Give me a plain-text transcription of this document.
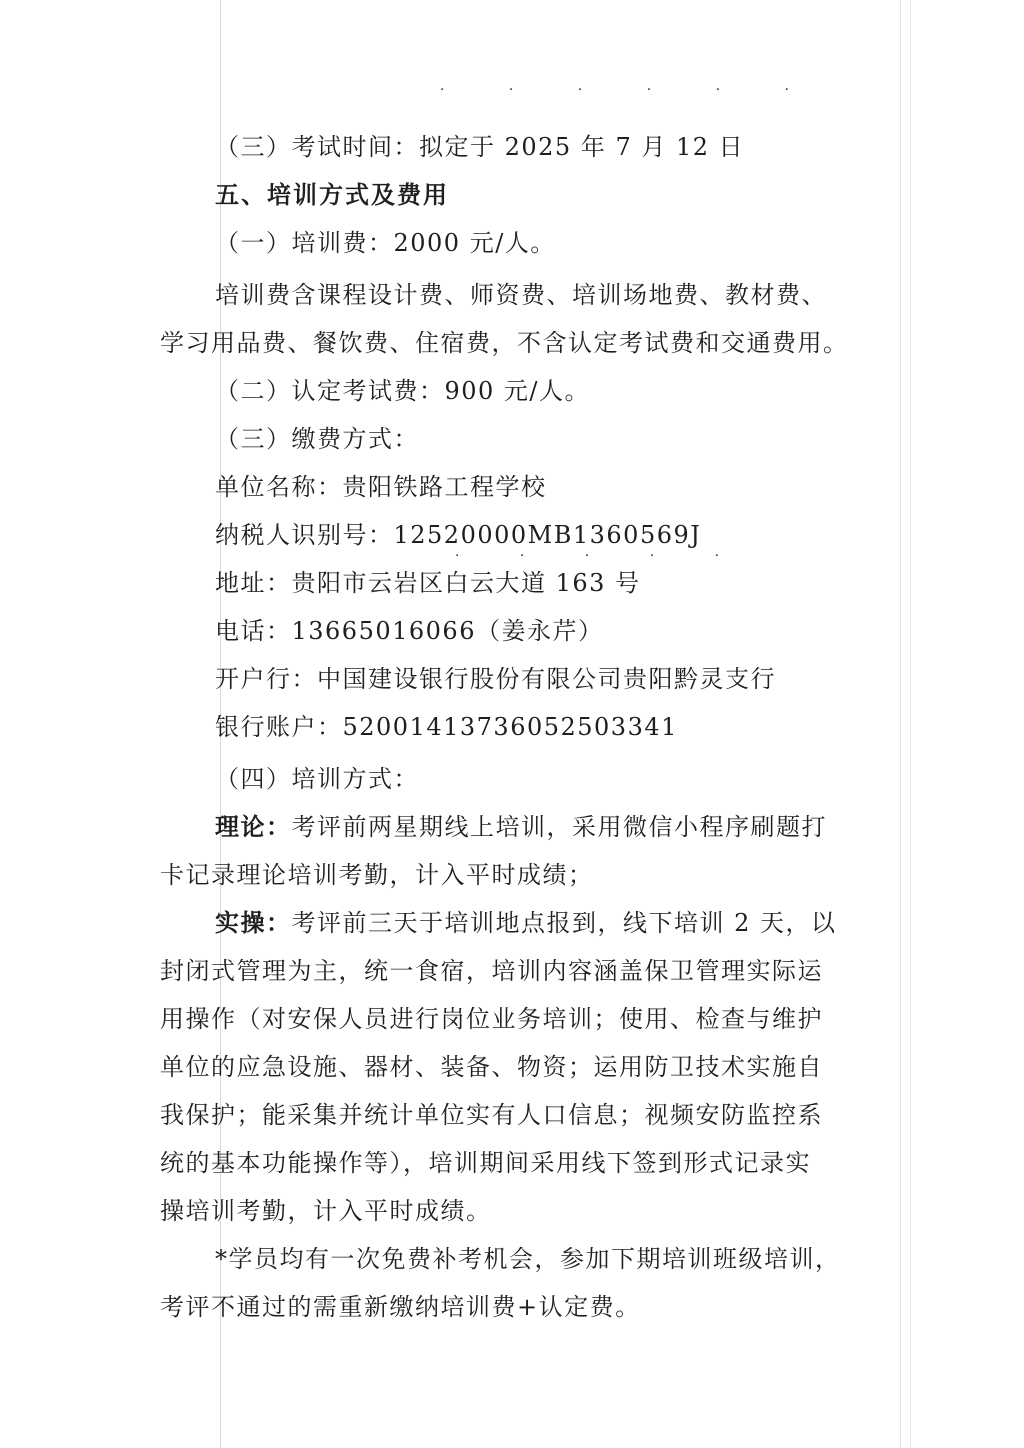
· · · · · ·
· · · · ·

（三）考试时间：拟定于 2025 年 7 月 12 日

五、培训方式及费用

（一）培训费：2000 元/人。

培训费含课程设计费、师资费、培训场地费、教材费、

学习用品费、餐饮费、住宿费，不含认定考试费和交通费用。

（二）认定考试费：900 元/人。

（三）缴费方式：

单位名称：贵阳铁路工程学校

纳税人识别号：12520000MB1360569J

地址：贵阳市云岩区白云大道 163 号

电话：13665016066（姜永芹）

开户行：中国建设银行股份有限公司贵阳黔灵支行

银行账户：52001413736052503341

（四）培训方式：

理论：考评前两星期线上培训，采用微信小程序刷题打

卡记录理论培训考勤，计入平时成绩；

实操：考评前三天于培训地点报到，线下培训 2 天，以

封闭式管理为主，统一食宿，培训内容涵盖保卫管理实际运

用操作（对安保人员进行岗位业务培训；使用、检查与维护

单位的应急设施、器材、装备、物资；运用防卫技术实施自

我保护；能采集并统计单位实有人口信息；视频安防监控系

统的基本功能操作等），培训期间采用线下签到形式记录实

操培训考勤，计入平时成绩。

*学员均有一次免费补考机会，参加下期培训班级培训，

考评不通过的需重新缴纳培训费+认定费。
